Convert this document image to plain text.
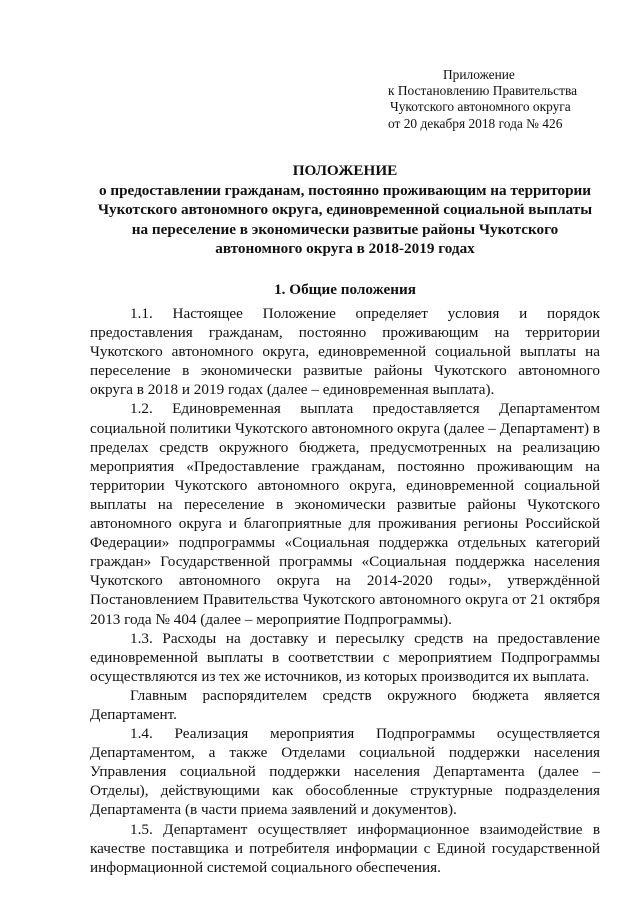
Приложение
к Постановлению Правительства
Чукотского автономного округа
от 20 декабря 2018 года № 426
ПОЛОЖЕНИЕ
о предоставлении гражданам, постоянно проживающим на территории
Чукотского автономного округа, единовременной социальной выплаты
на переселение в экономически развитые районы Чукотского
автономного округа в 2018-2019 годах
1. Общие положения

1.1. Настоящее Положение определяет условия и порядок предоставления гражданам, постоянно проживающим на территории Чукотского автономного округа, единовременной социальной выплаты на переселение в экономически развитые районы Чукотского автономного округа в 2018 и 2019 годах (далее – единовременная выплата).

1.2. Единовременная выплата предоставляется Департаментом социальной политики Чукотского автономного округа (далее – Департамент) в пределах средств окружного бюджета, предусмотренных на реализацию мероприятия «Предоставление гражданам, постоянно проживающим на территории Чукотского автономного округа, единовременной социальной выплаты на переселение в экономически развитые районы Чукотского автономного округа и благоприятные для проживания регионы Российской Федерации» подпрограммы «Социальная поддержка отдельных категорий граждан» Государственной программы «Социальная поддержка населения Чукотского автономного округа на 2014-2020 годы», утверждённой Постановлением Правительства Чукотского автономного округа от 21 октября 2013 года № 404 (далее – мероприятие Подпрограммы).

1.3. Расходы на доставку и пересылку средств на предоставление единовременной выплаты в соответствии с мероприятием Подпрограммы осуществляются из тех же источников, из которых производится их выплата.

Главным распорядителем средств окружного бюджета является Департамент.

1.4. Реализация мероприятия Подпрограммы осуществляется Департаментом, а также Отделами социальной поддержки населения Управления социальной поддержки населения Департамента (далее – Отделы), действующими как обособленные структурные подразделения Департамента (в части приема заявлений и документов).

1.5. Департамент осуществляет информационное взаимодействие в качестве поставщика и потребителя информации с Единой государственной информационной системой социального обеспечения.
